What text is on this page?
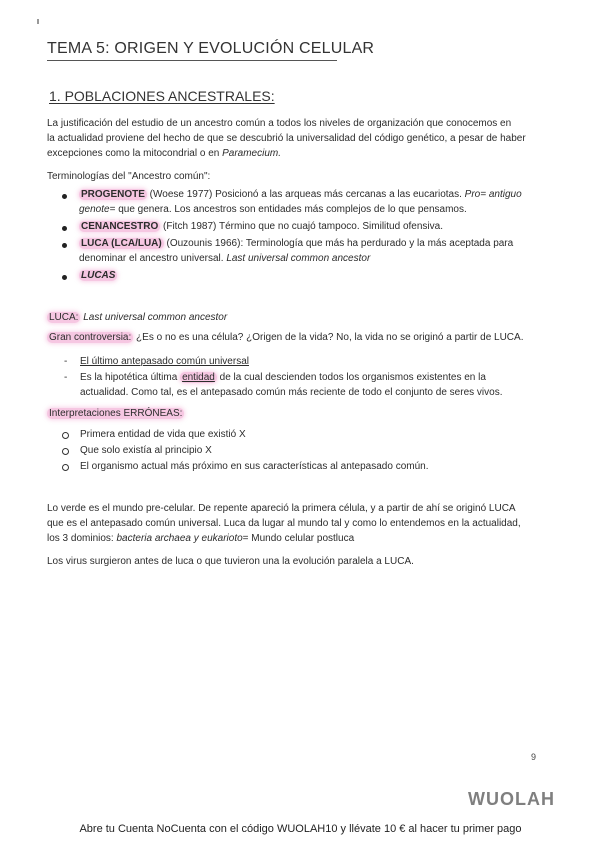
TEMA 5: ORIGEN Y EVOLUCIÓN CELULAR
1. POBLACIONES ANCESTRALES:
La justificación del estudio de un ancestro común a todos los niveles de organización que conocemos en
la actualidad proviene del hecho de que se descubrió la universalidad del código genético, a pesar de haber
excepciones como la mitocondrial o en Paramecium.
Terminologías del "Ancestro común":
PROGENOTE (Woese 1977) Posicionó a las arqueas más cercanas a las eucariotas. Pro= antiguo
genote= que genera. Los ancestros son entidades más complejos de lo que pensamos.
CENANCESTRO (Fitch 1987) Término que no cuajó tampoco. Similitud ofensiva.
LUCA (LCA/LUA) (Ouzounis 1966): Terminología que más ha perdurado y la más aceptada para
denominar el ancestro universal. Last universal common ancestor
LUCAS
LUCA: Last universal common ancestor
Gran controversia: ¿Es o no es una célula? ¿Origen de la vida? No, la vida no se originó a partir de LUCA.
- El último antepasado común universal
- Es la hipotética última entidad de la cual descienden todos los organismos existentes en la
actualidad. Como tal, es el antepasado común más reciente de todo el conjunto de seres vivos.
Interpretaciones ERRÓNEAS:
Primera entidad de vida que existió X
Que solo existía al principio X
El organismo actual más próximo en sus características al antepasado común.
Lo verde es el mundo pre-celular. De repente apareció la primera célula, y a partir de ahí se originó LUCA
que es el antepasado común universal. Luca da lugar al mundo tal y como lo entendemos en la actualidad,
los 3 dominios: bacteria archaea y eukarioto= Mundo celular postluca
Los virus surgieron antes de luca o que tuvieron una la evolución paralela a LUCA.
9
WUOLAH
Abre tu Cuenta NoCuenta con el código WUOLAH10 y llévate 10 € al hacer tu primer pago
